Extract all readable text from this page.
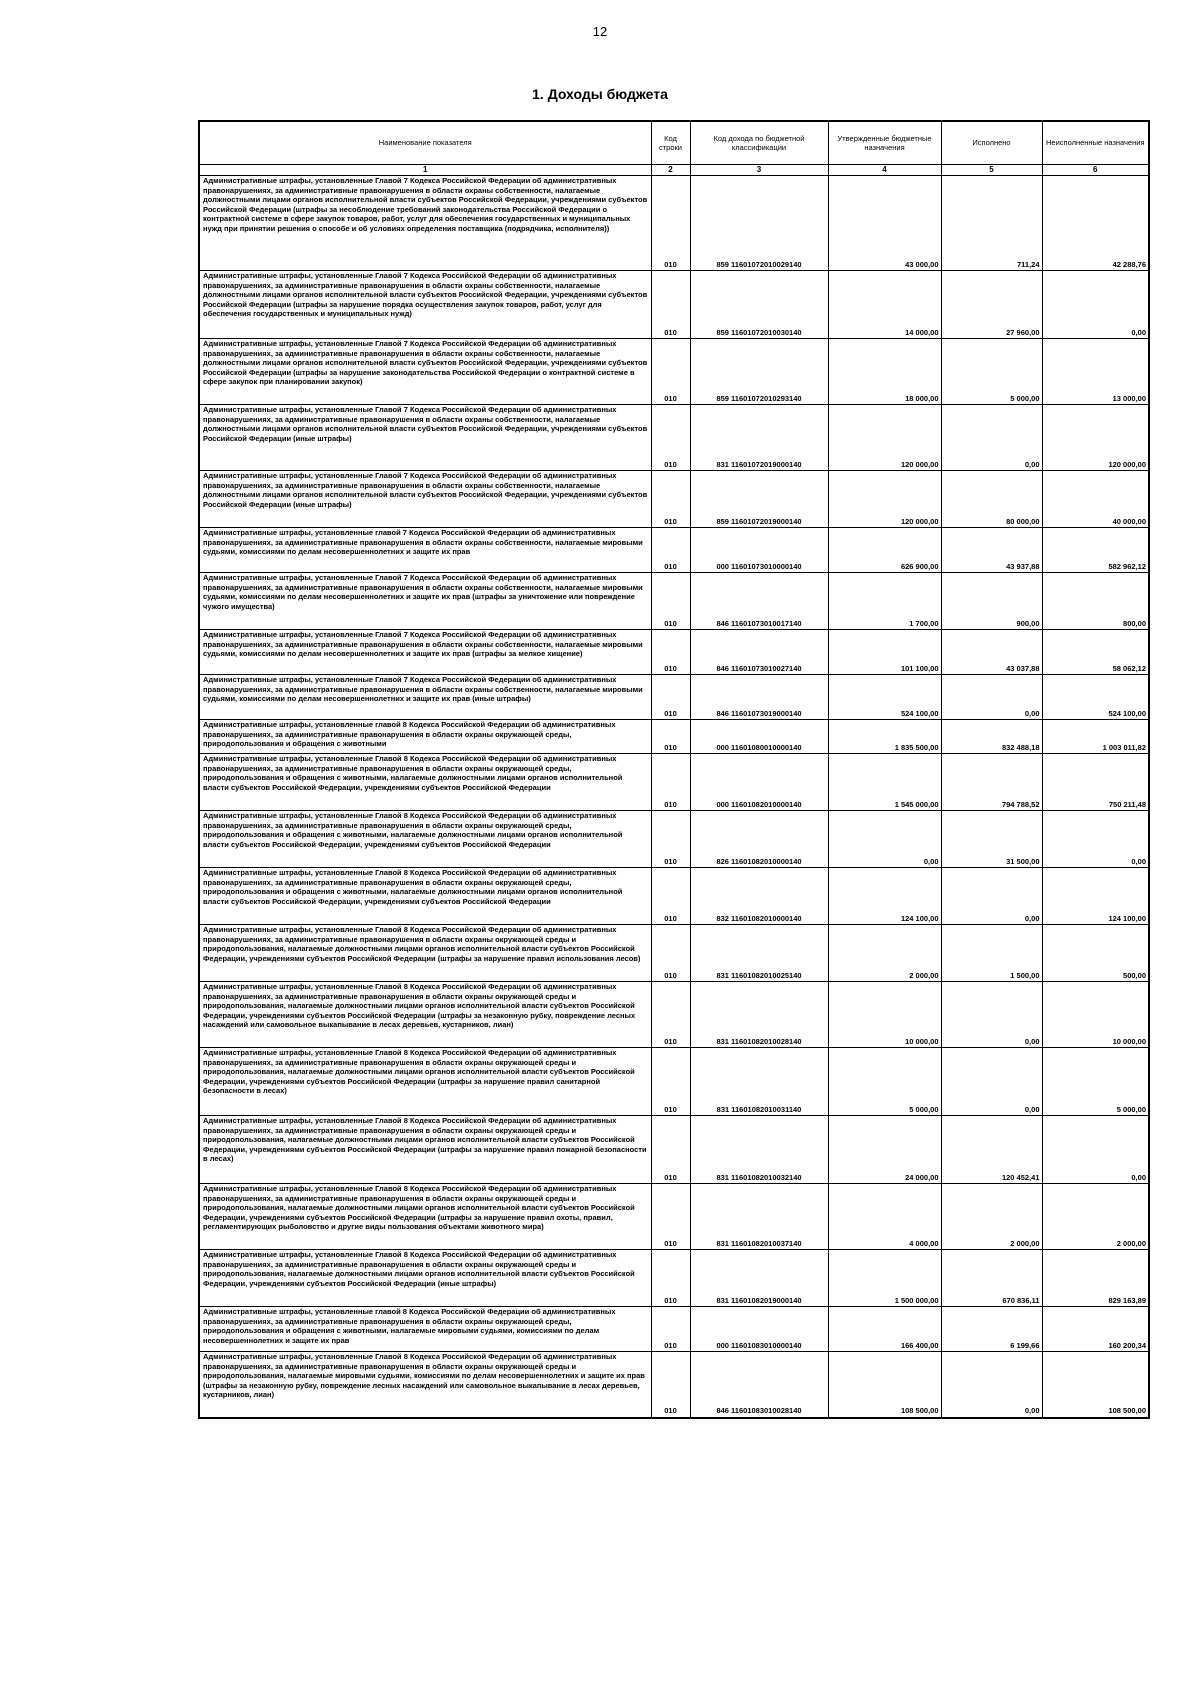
12
1. Доходы бюджета
Наименование показателя	Код строки	Код дохода по бюджетной классификации	Утвержденные бюджетные назначения	Исполнено	Неисполненные назначения
1	2	3	4	5	6
Административные штрафы, установленные Главой 7 Кодекса Российской Федерации об административных правонарушениях, за административные правонарушения в области охраны собственности, налагаемые должностными лицами органов исполнительной власти субъектов Российской Федерации, учреждениями субъектов Российской Федерации (штрафы за несоблюдение требований законодательства Российской Федерации о контрактной системе в сфере закупок товаров, работ, услуг для обеспечения государственных и муниципальных нужд при принятии решения о способе и об условиях определения поставщика (подрядчика, исполнителя))	010	859 11601072010029140	43 000,00	711,24	42 288,76
Административные штрафы, установленные Главой 7 Кодекса Российской Федерации об административных правонарушениях, за административные правонарушения в области охраны собственности, налагаемые должностными лицами органов исполнительной власти субъектов Российской Федерации, учреждениями субъектов Российской Федерации (штрафы за нарушение порядка осуществления закупок товаров, работ, услуг для обеспечения государственных и муниципальных нужд)	010	859 11601072010030140	14 000,00	27 960,00	0,00
Административные штрафы, установленные Главой 7 Кодекса Российской Федерации об административных правонарушениях, за административные правонарушения в области охраны собственности, налагаемые должностными лицами органов исполнительной власти субъектов Российской Федерации, учреждениями субъектов Российской Федерации (штрафы за нарушение законодательства Российской Федерации о контрактной системе в сфере закупок при планировании закупок)	010	859 11601072010293140	18 000,00	5 000,00	13 000,00
Административные штрафы, установленные Главой 7 Кодекса Российской Федерации об административных правонарушениях, за административные правонарушения в области охраны собственности, налагаемые должностными лицами органов исполнительной власти субъектов Российской Федерации, учреждениями субъектов Российской Федерации (иные штрафы)	010	831 11601072019000140	120 000,00	0,00	120 000,00
Административные штрафы, установленные Главой 7 Кодекса Российской Федерации об административных правонарушениях, за административные правонарушения в области охраны собственности, налагаемые должностными лицами органов исполнительной власти субъектов Российской Федерации, учреждениями субъектов Российской Федерации (иные штрафы)	010	859 11601072019000140	120 000,00	80 000,00	40 000,00
Административные штрафы, установленные главой 7 Кодекса Российской Федерации об административных правонарушениях, за административные правонарушения в области охраны собственности, налагаемые мировыми судьями, комиссиями по делам несовершеннолетних и защите их прав	010	000 11601073010000140	626 900,00	43 937,88	582 962,12
Административные штрафы, установленные Главой 7 Кодекса Российской Федерации об административных правонарушениях, за административные правонарушения в области охраны собственности, налагаемые мировыми судьями, комиссиями по делам несовершеннолетних и защите их прав (штрафы за уничтожение или повреждение чужого имущества)	010	846 11601073010017140	1 700,00	900,00	800,00
Административные штрафы, установленные Главой 7 Кодекса Российской Федерации об административных правонарушениях, за административные правонарушения в области охраны собственности, налагаемые мировыми судьями, комиссиями по делам несовершеннолетних и защите их прав (штрафы за мелкое хищение)	010	846 11601073010027140	101 100,00	43 037,88	58 062,12
Административные штрафы, установленные Главой 7 Кодекса Российской Федерации об административных правонарушениях, за административные правонарушения в области охраны собственности, налагаемые мировыми судьями, комиссиями по делам несовершеннолетних и защите их прав (иные штрафы)	010	846 11601073019000140	524 100,00	0,00	524 100,00
Административные штрафы, установленные главой 8 Кодекса Российской Федерации об административных правонарушениях, за административные правонарушения в области охраны окружающей среды, природопользования и обращения с животными	010	000 11601080010000140	1 835 500,00	832 488,18	1 003 011,82
Административные штрафы, установленные Главой 8 Кодекса Российской Федерации об административных правонарушениях, за административные правонарушения в области охраны окружающей среды, природопользования и обращения с животными, налагаемые должностными лицами органов исполнительной власти субъектов Российской Федерации, учреждениями субъектов Российской Федерации	010	000 11601082010000140	1 545 000,00	794 788,52	750 211,48
Административные штрафы, установленные Главой 8 Кодекса Российской Федерации об административных правонарушениях, за административные правонарушения в области охраны окружающей среды, природопользования и обращения с животными, налагаемые должностными лицами органов исполнительной власти субъектов Российской Федерации, учреждениями субъектов Российской Федерации	010	826 11601082010000140	0,00	31 500,00	0,00
Административные штрафы, установленные Главой 8 Кодекса Российской Федерации об административных правонарушениях, за административные правонарушения в области охраны окружающей среды, природопользования и обращения с животными, налагаемые должностными лицами органов исполнительной власти субъектов Российской Федерации, учреждениями субъектов Российской Федерации	010	832 11601082010000140	124 100,00	0,00	124 100,00
Административные штрафы, установленные Главой 8 Кодекса Российской Федерации об административных правонарушениях, за административные правонарушения в области охраны окружающей среды и природопользования, налагаемые должностными лицами органов исполнительной власти субъектов Российской Федерации, учреждениями субъектов Российской Федерации (штрафы за нарушение правил использования лесов)	010	831 11601082010025140	2 000,00	1 500,00	500,00
Административные штрафы, установленные Главой 8 Кодекса Российской Федерации об административных правонарушениях, за административные правонарушения в области охраны окружающей среды и природопользования, налагаемые должностными лицами органов исполнительной власти субъектов Российской Федерации, учреждениями субъектов Российской Федерации (штрафы за незаконную рубку, повреждение лесных насаждений или самовольное выкапывание в лесах деревьев, кустарников, лиан)	010	831 11601082010028140	10 000,00	0,00	10 000,00
Административные штрафы, установленные Главой 8 Кодекса Российской Федерации об административных правонарушениях, за административные правонарушения в области охраны окружающей среды и природопользования, налагаемые должностными лицами органов исполнительной власти субъектов Российской Федерации, учреждениями субъектов Российской Федерации (штрафы за нарушение правил санитарной безопасности в лесах)	010	831 11601082010031140	5 000,00	0,00	5 000,00
Административные штрафы, установленные Главой 8 Кодекса Российской Федерации об административных правонарушениях, за административные правонарушения в области охраны окружающей среды и природопользования, налагаемые должностными лицами органов исполнительной власти субъектов Российской Федерации, учреждениями субъектов Российской Федерации (штрафы за нарушение правил пожарной безопасности в лесах)	010	831 11601082010032140	24 000,00	120 452,41	0,00
Административные штрафы, установленные Главой 8 Кодекса Российской Федерации об административных правонарушениях, за административные правонарушения в области охраны окружающей среды и природопользования, налагаемые должностными лицами органов исполнительной власти субъектов Российской Федерации, учреждениями субъектов Российской Федерации (штрафы за нарушение правил охоты, правил, регламентирующих рыболовство и другие виды пользования объектами животного мира)	010	831 11601082010037140	4 000,00	2 000,00	2 000,00
Административные штрафы, установленные Главой 8 Кодекса Российской Федерации об административных правонарушениях, за административные правонарушения в области охраны окружающей среды и природопользования, налагаемые должностными лицами органов исполнительной власти субъектов Российской Федерации, учреждениями субъектов Российской Федерации (иные штрафы)	010	831 11601082019000140	1 500 000,00	670 836,11	829 163,89
Административные штрафы, установленные главой 8 Кодекса Российской Федерации об административных правонарушениях, за административные правонарушения в области охраны окружающей среды, природопользования и обращения с животными, налагаемые мировыми судьями, комиссиями по делам несовершеннолетних и защите их прав	010	000 11601083010000140	166 400,00	6 199,66	160 200,34
Административные штрафы, установленные Главой 8 Кодекса Российской Федерации об административных правонарушениях, за административные правонарушения в области охраны окружающей среды и природопользования, налагаемые мировыми судьями, комиссиями по делам несовершеннолетних и защите их прав (штрафы за незаконную рубку, повреждение лесных насаждений или самовольное выкапывание в лесах деревьев, кустарников, лиан)	010	846 11601083010028140	108 500,00	0,00	108 500,00
